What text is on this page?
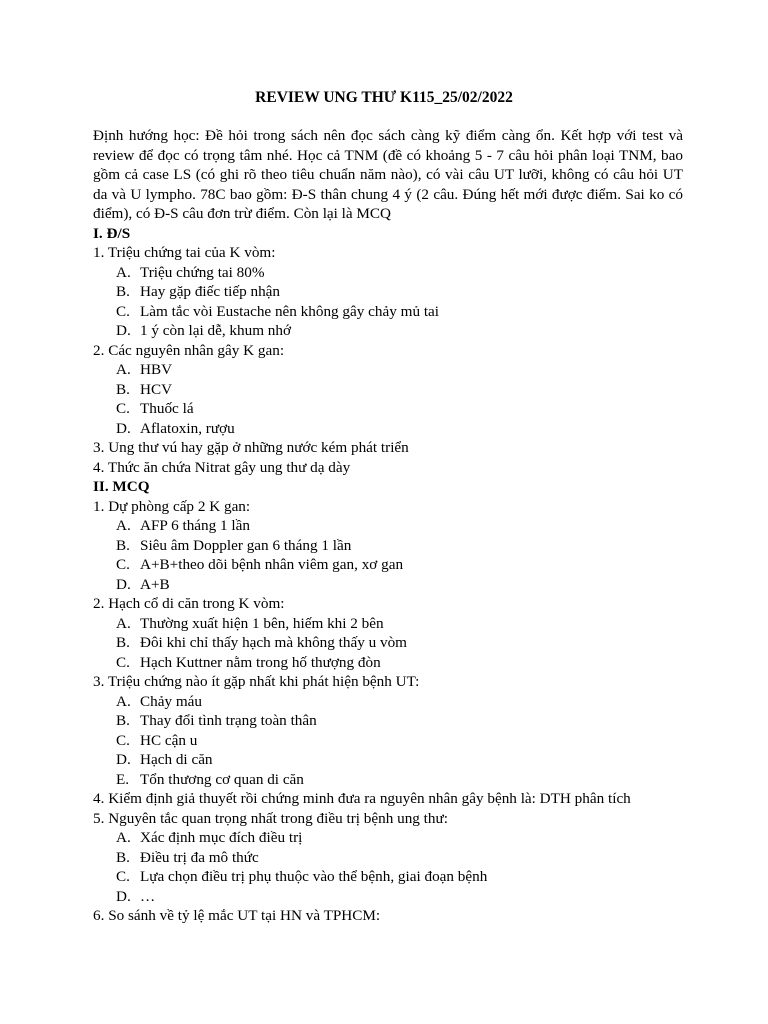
REVIEW UNG THƯ K115_25/02/2022

Định hướng học: Đề hỏi trong sách nên đọc sách càng kỹ điểm càng ổn. Kết hợp với test và review để đọc có trọng tâm nhé. Học cả TNM (đề có khoảng 5 - 7 câu hỏi phân loại TNM, bao gồm cả case LS (có ghi rõ theo tiêu chuẩn năm nào), có vài câu UT lưỡi, không có câu hỏi UT da và U lympho. 78C bao gồm: Đ-S thân chung 4 ý (2 câu. Đúng hết mới được điểm. Sai ko có điểm), có Đ-S câu đơn trừ điểm. Còn lại là MCQ

I. Đ/S

1. Triệu chứng tai của K vòm:

A. Triệu chứng tai 80%
B. Hay gặp điếc tiếp nhận
C. Làm tắc vòi Eustache nên không gây chảy mủ tai
D. 1 ý còn lại dễ, khum nhớ

2. Các nguyên nhân gây K gan:

A. HBV
B. HCV
C. Thuốc lá
D. Aflatoxin, rượu

3. Ung thư vú hay gặp ở những nước kém phát triển

4. Thức ăn chứa Nitrat gây ung thư dạ dày

II. MCQ

1. Dự phòng cấp 2 K gan:

A. AFP 6 tháng 1 lần
B. Siêu âm Doppler gan 6 tháng 1 lần
C. A+B+theo dõi bệnh nhân viêm gan, xơ gan
D. A+B

2. Hạch cổ di căn trong K vòm:

A. Thường xuất hiện 1 bên, hiếm khi 2 bên
B. Đôi khi chỉ thấy hạch mà không thấy u vòm
C. Hạch Kuttner nằm trong hố thượng đòn

3. Triệu chứng nào ít gặp nhất khi phát hiện bệnh UT:

A. Chảy máu
B. Thay đổi tình trạng toàn thân
C. HC cận u
D. Hạch di căn
E. Tổn thương cơ quan di căn

4. Kiểm định giả thuyết rồi chứng minh đưa ra nguyên nhân gây bệnh là: DTH phân tích

5. Nguyên tắc quan trọng nhất trong điều trị bệnh ung thư:

A. Xác định mục đích điều trị
B. Điều trị đa mô thức
C. Lựa chọn điều trị phụ thuộc vào thể bệnh, giai đoạn bệnh
D. …

6. So sánh về tỷ lệ mắc UT tại HN và TPHCM:
